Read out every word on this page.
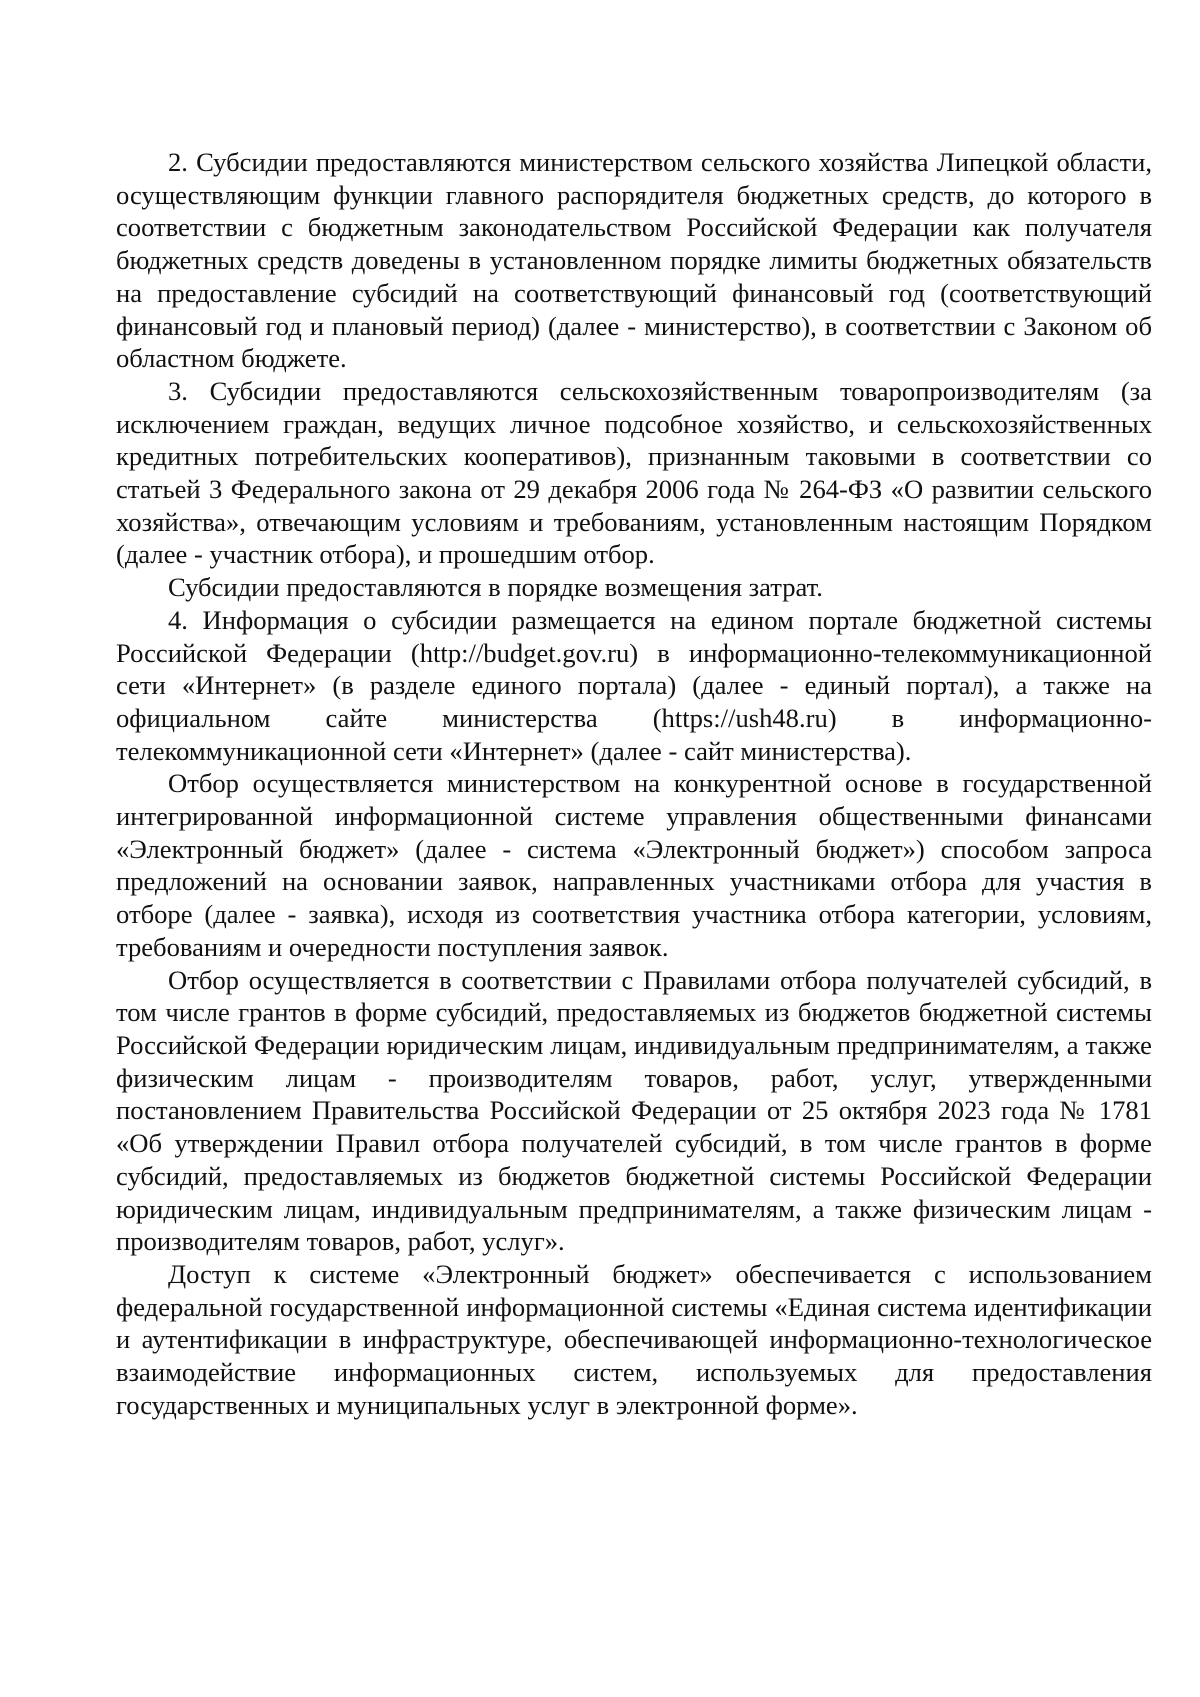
2. Субсидии предоставляются министерством сельского хозяйства Липецкой области, осуществляющим функции главного распорядителя бюджетных средств, до которого в соответствии с бюджетным законодательством Российской Федерации как получателя бюджетных средств доведены в установленном порядке лимиты бюджетных обязательств на предоставление субсидий на соответствующий финансовый год (соответствующий финансовый год и плановый период) (далее - министерство), в соответствии с Законом об областном бюджете.

3. Субсидии предоставляются сельскохозяйственным товаропроизводителям (за исключением граждан, ведущих личное подсобное хозяйство, и сельскохозяйственных кредитных потребительских кооперативов), признанным таковыми в соответствии со статьей 3 Федерального закона от 29 декабря 2006 года № 264-ФЗ «О развитии сельского хозяйства», отвечающим условиям и требованиям, установленным настоящим Порядком (далее - участник отбора), и прошедшим отбор.

Субсидии предоставляются в порядке возмещения затрат.

4. Информация о субсидии размещается на едином портале бюджетной системы Российской Федерации (http://budget.gov.ru) в информационно-телекоммуникационной сети «Интернет» (в разделе единого портала) (далее - единый портал), а также на официальном сайте министерства (https://ush48.ru) в информационно-телекоммуникационной сети «Интернет» (далее - сайт министерства).

Отбор осуществляется министерством на конкурентной основе в государственной интегрированной информационной системе управления общественными финансами «Электронный бюджет» (далее - система «Электронный бюджет») способом запроса предложений на основании заявок, направленных участниками отбора для участия в отборе (далее - заявка), исходя из соответствия участника отбора категории, условиям, требованиям и очередности поступления заявок.

Отбор осуществляется в соответствии с Правилами отбора получателей субсидий, в том числе грантов в форме субсидий, предоставляемых из бюджетов бюджетной системы Российской Федерации юридическим лицам, индивидуальным предпринимателям, а также физическим лицам - производителям товаров, работ, услуг, утвержденными постановлением Правительства Российской Федерации от 25 октября 2023 года № 1781 «Об утверждении Правил отбора получателей субсидий, в том числе грантов в форме субсидий, предоставляемых из бюджетов бюджетной системы Российской Федерации юридическим лицам, индивидуальным предпринимателям, а также физическим лицам - производителям товаров, работ, услуг».

Доступ к системе «Электронный бюджет» обеспечивается с использованием федеральной государственной информационной системы «Единая система идентификации и аутентификации в инфраструктуре, обеспечивающей информационно-технологическое взаимодействие информационных систем, используемых для предоставления государственных и муниципальных услуг в электронной форме».
